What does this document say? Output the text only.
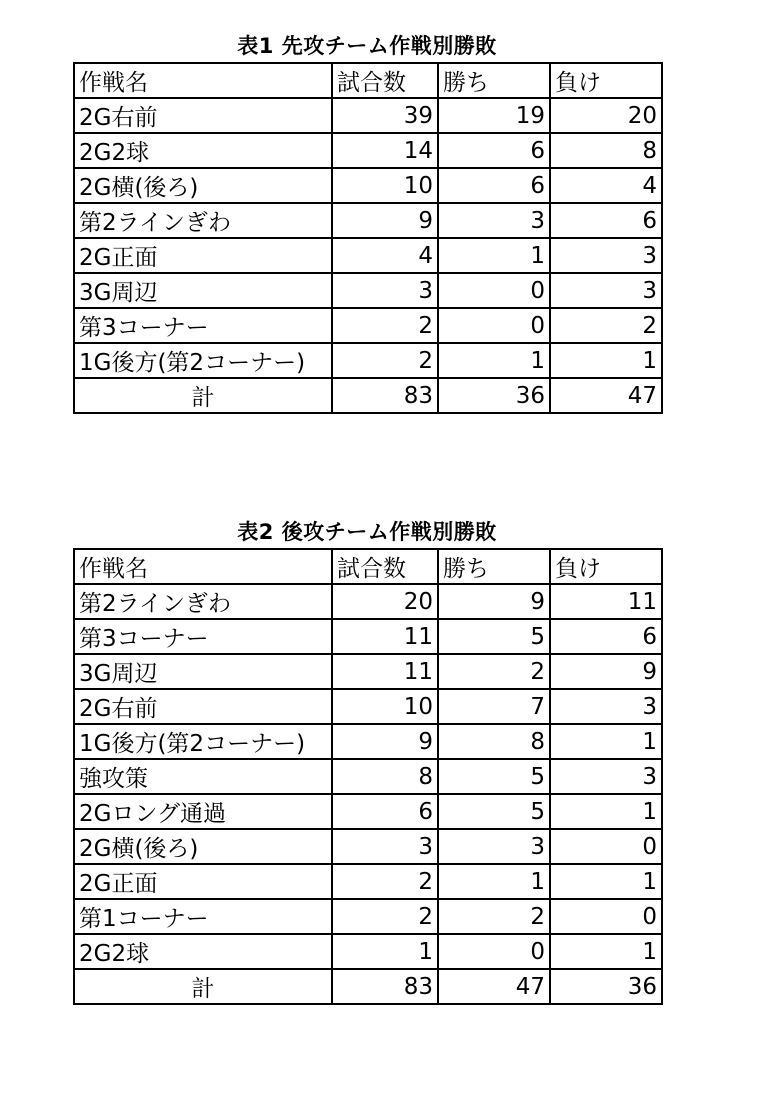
表1 先攻チーム作戦別勝敗
作戦名	試合数	勝ち	負け
2G右前	39	19	20
2G2球	14	6	8
2G横(後ろ)	10	6	4
第2ラインぎわ	9	3	6
2G正面	4	1	3
3G周辺	3	0	3
第3コーナー	2	0	2
1G後方(第2コーナー)	2	1	1
計	83	36	47
表2 後攻チーム作戦別勝敗
作戦名	試合数	勝ち	負け
第2ラインぎわ	20	9	11
第3コーナー	11	5	6
3G周辺	11	2	9
2G右前	10	7	3
1G後方(第2コーナー)	9	8	1
強攻策	8	5	3
2Gロング通過	6	5	1
2G横(後ろ)	3	3	0
2G正面	2	1	1
第1コーナー	2	2	0
2G2球	1	0	1
計	83	47	36
